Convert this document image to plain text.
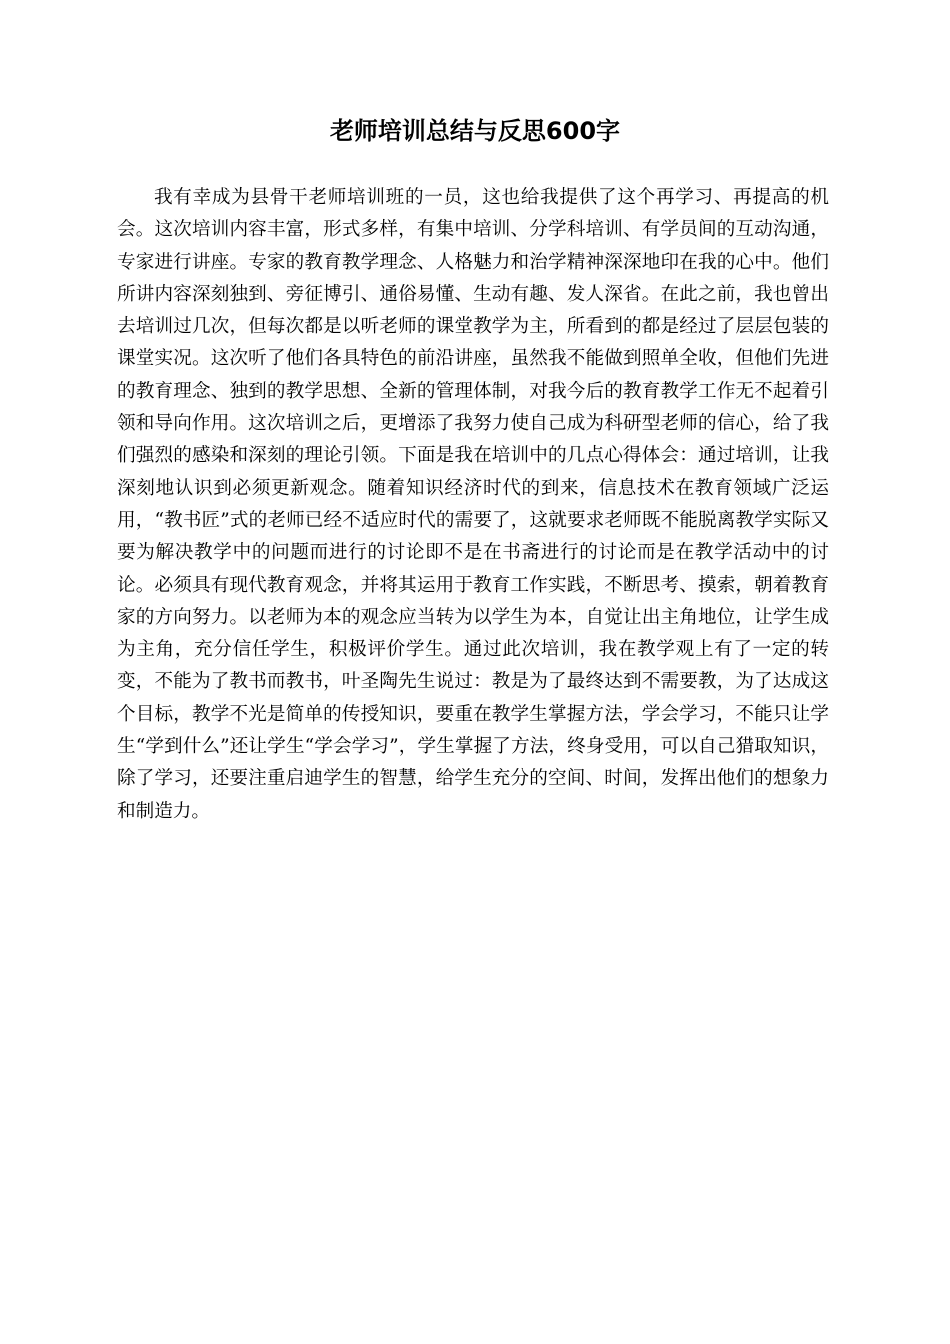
老师培训总结与反思600字

我有幸成为县骨干老师培训班的一员，这也给我提供了这个再学习、再提高的机会。这次培训内容丰富，形式多样，有集中培训、分学科培训、有学员间的互动沟通，专家进行讲座。专家的教育教学理念、人格魅力和治学精神深深地印在我的心中。他们所讲内容深刻独到、旁征博引、通俗易懂、生动有趣、发人深省。在此之前，我也曾出去培训过几次，但每次都是以听老师的课堂教学为主，所看到的都是经过了层层包装的课堂实况。这次听了他们各具特色的前沿讲座，虽然我不能做到照单全收，但他们先进的教育理念、独到的教学思想、全新的管理体制，对我今后的教育教学工作无不起着引领和导向作用。这次培训之后，更增添了我努力使自己成为科研型老师的信心，给了我们强烈的感染和深刻的理论引领。下面是我在培训中的几点心得体会：通过培训，让我深刻地认识到必须更新观念。随着知识经济时代的到来，信息技术在教育领域广泛运用，“教书匠”式的老师已经不适应时代的需要了，这就要求老师既不能脱离教学实际又要为解决教学中的问题而进行的讨论即不是在书斋进行的讨论而是在教学活动中的讨论。必须具有现代教育观念，并将其运用于教育工作实践，不断思考、摸索，朝着教育家的方向努力。以老师为本的观念应当转为以学生为本，自觉让出主角地位，让学生成为主角，充分信任学生，积极评价学生。通过此次培训，我在教学观上有了一定的转变，不能为了教书而教书，叶圣陶先生说过：教是为了最终达到不需要教，为了达成这个目标，教学不光是简单的传授知识，要重在教学生掌握方法，学会学习，不能只让学生“学到什么”还让学生“学会学习”，学生掌握了方法，终身受用，可以自己猎取知识，除了学习，还要注重启迪学生的智慧，给学生充分的空间、时间，发挥出他们的想象力和制造力。
